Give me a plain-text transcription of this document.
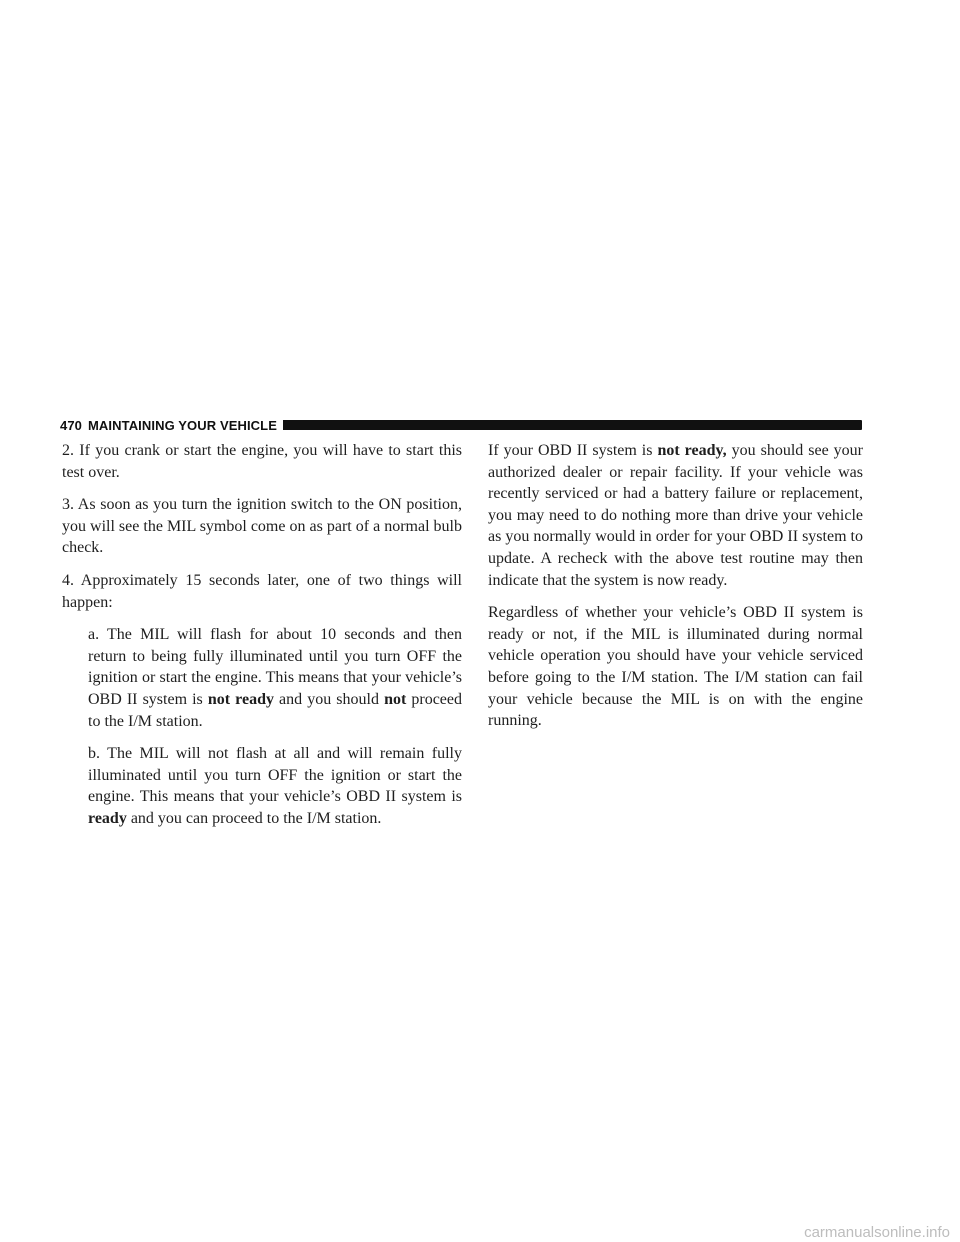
470 MAINTAINING YOUR VEHICLE

2. If you crank or start the engine, you will have to start this test over.

3. As soon as you turn the ignition switch to the ON position, you will see the MIL symbol come on as part of a normal bulb check.

4. Approximately 15 seconds later, one of two things will happen:

a. The MIL will flash for about 10 seconds and then return to being fully illuminated until you turn OFF the ignition or start the engine. This means that your vehicle’s OBD II system is not ready and you should not proceed to the I/M station.

b. The MIL will not flash at all and will remain fully illuminated until you turn OFF the ignition or start the engine. This means that your vehicle’s OBD II system is ready and you can proceed to the I/M station.

If your OBD II system is not ready, you should see your authorized dealer or repair facility. If your vehicle was recently serviced or had a battery failure or replacement, you may need to do nothing more than drive your vehicle as you normally would in order for your OBD II system to update. A recheck with the above test routine may then indicate that the system is now ready.

Regardless of whether your vehicle’s OBD II system is ready or not, if the MIL is illuminated during normal vehicle operation you should have your vehicle serviced before going to the I/M station. The I/M station can fail your vehicle because the MIL is on with the engine running.

carmanualsonline.info
